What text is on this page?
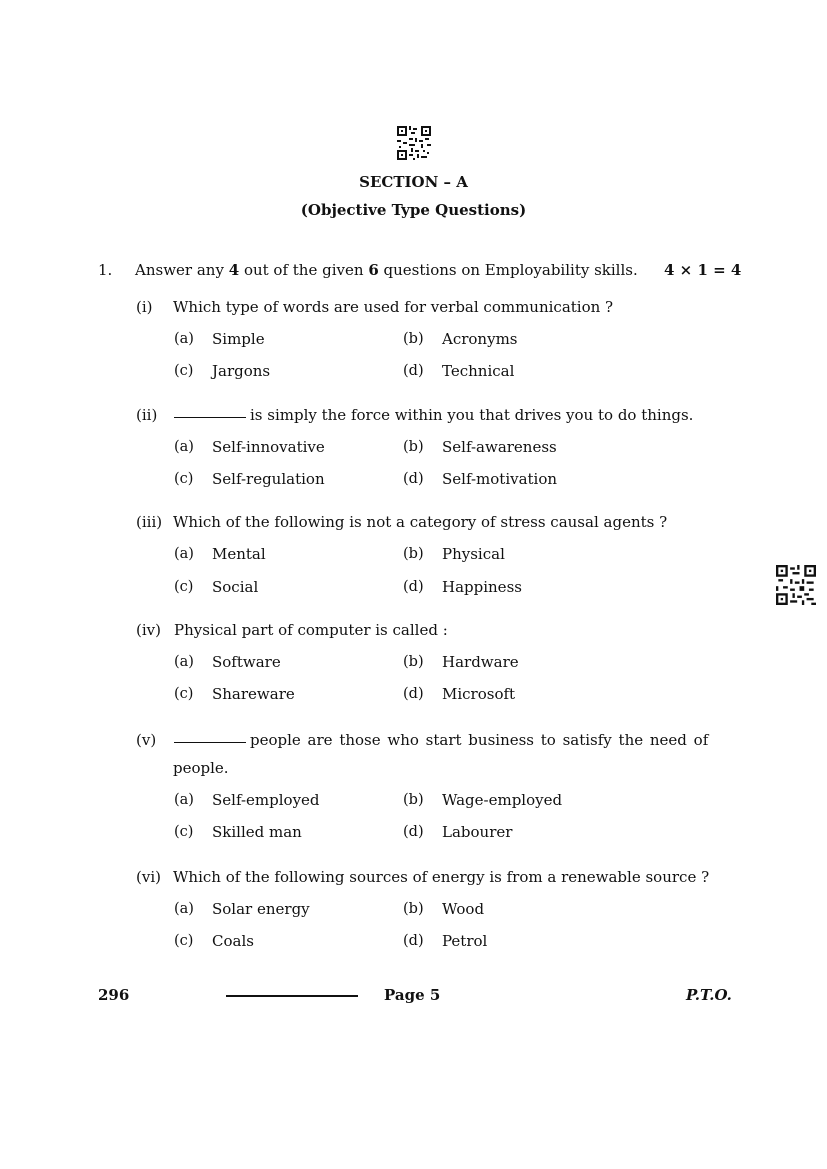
SECTION – A
(Objective Type Questions)
1. Answer any 4 out of the given 6 questions on Employability skills. 4 × 1 = 4
(i) Which type of words are used for verbal communication ?
(a) Simple	(b) Acronyms
(c) Jargons	(d) Technical
(ii)	is simply the force within you that drives you to do things.
(a) Self-innovative	(b) Self-awareness
(c) Self-regulation	(d) Self-motivation
(iii) Which of the following is not a category of stress causal agents ?
(a) Mental	(b) Physical
(c) Social	(d) Happiness
(iv) Physical part of computer is called :
(a) Software	(b) Hardware
(c) Shareware	(d) Microsoft
(v)	people are those who start business to satisfy the need of
people.
(a) Self-employed	(b) Wage-employed
(c) Skilled man	(d) Labourer
(vi) Which of the following sources of energy is from a renewable source ?
(a) Solar energy	(b) Wood
(c) Coals	(d) Petrol
296	Page 5	P.T.O.
